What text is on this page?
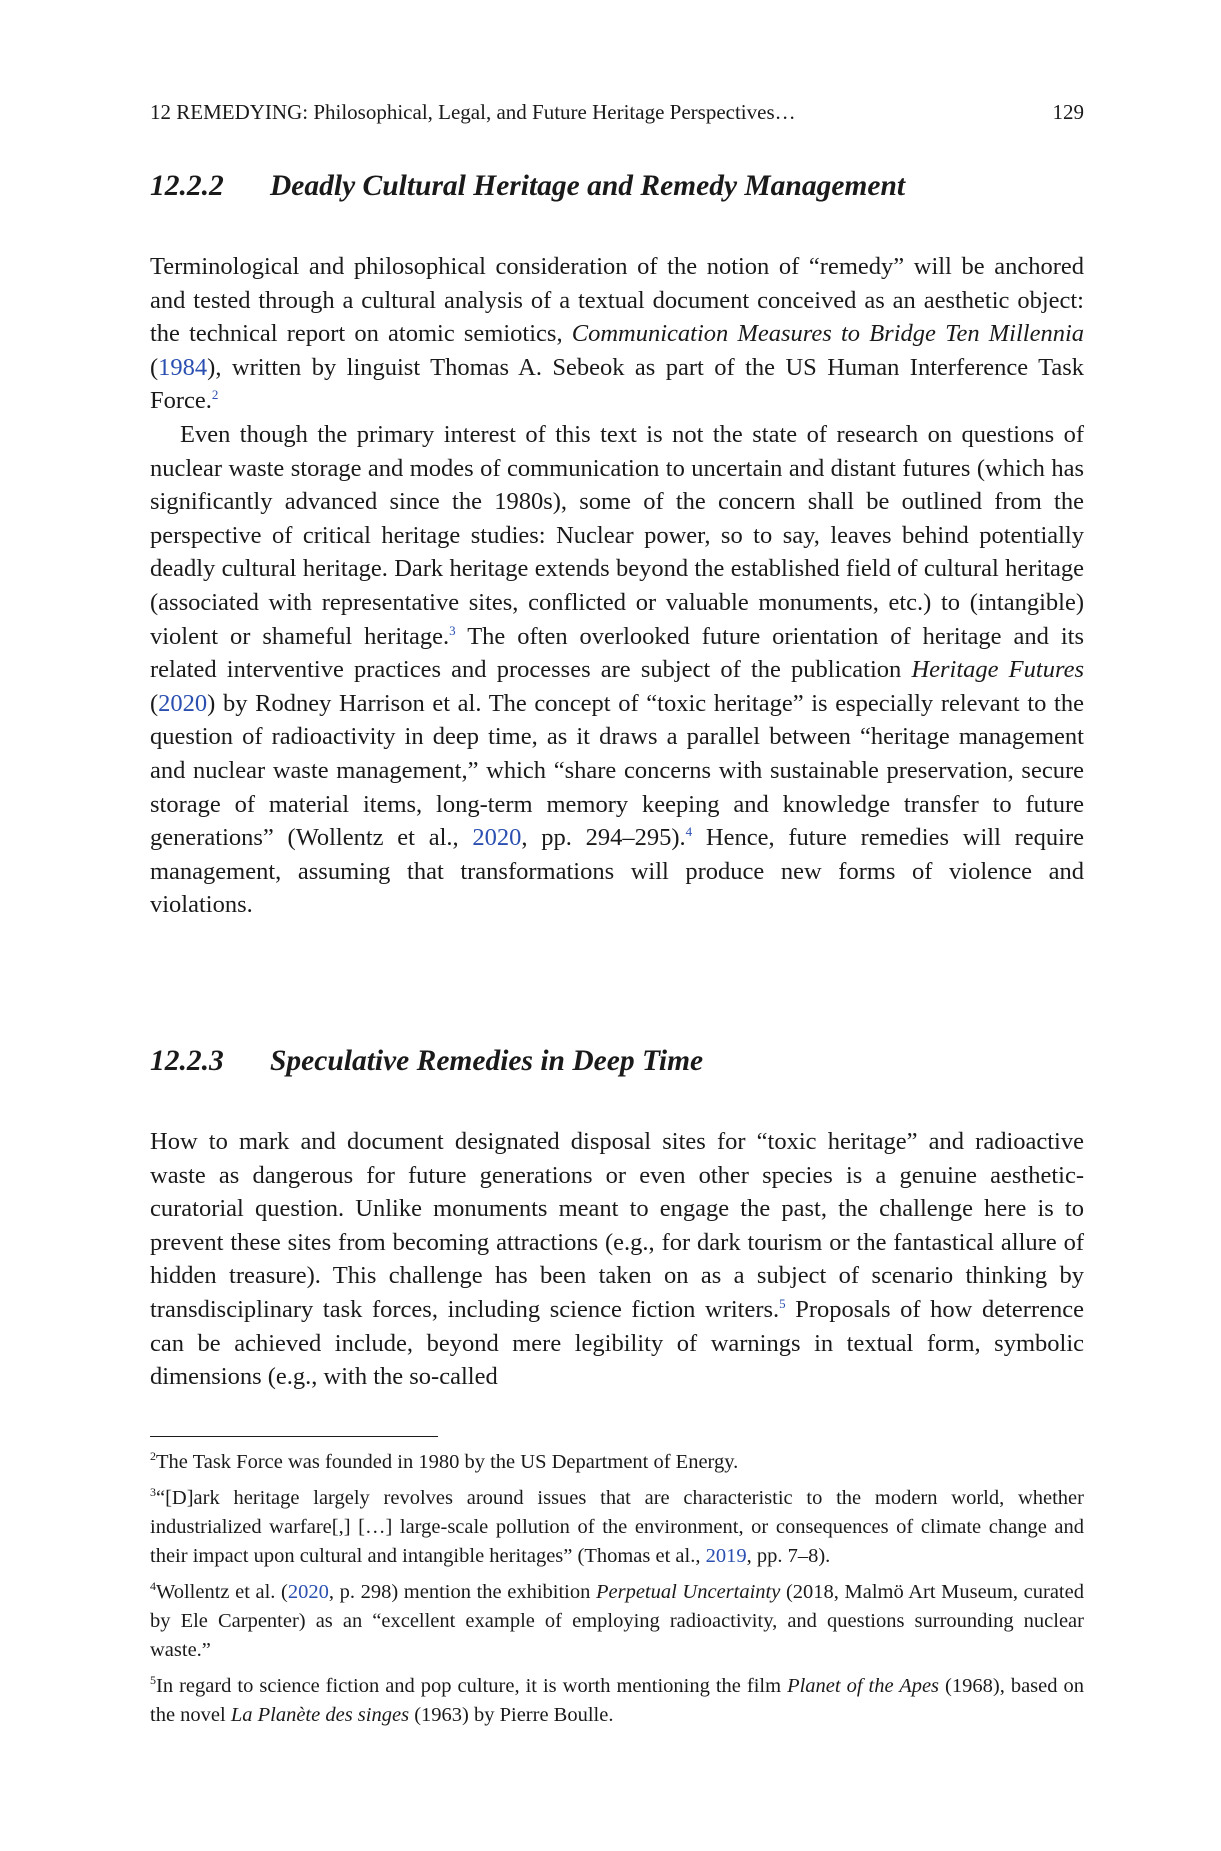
12 REMEDYING: Philosophical, Legal, and Future Heritage Perspectives…	129
12.2.2 Deadly Cultural Heritage and Remedy Management

Terminological and philosophical consideration of the notion of “remedy” will be anchored and tested through a cultural analysis of a textual document conceived as an aesthetic object: the technical report on atomic semiotics, Communication Measures to Bridge Ten Millennia (1984), written by linguist Thomas A. Sebeok as part of the US Human Interference Task Force.$^2$

Even though the primary interest of this text is not the state of research on questions of nuclear waste storage and modes of communication to uncertain and distant futures (which has significantly advanced since the 1980s), some of the concern shall be outlined from the perspective of critical heritage studies: Nuclear power, so to say, leaves behind potentially deadly cultural heritage. Dark heritage extends beyond the established field of cultural heritage (associated with representative sites, conflicted or valuable monuments, etc.) to (intangible) violent or shameful heritage.$^3$ The often overlooked future orientation of heritage and its related interventive practices and processes are subject of the publication Heritage Futures (2020) by Rodney Harrison et al. The concept of “toxic heritage” is especially relevant to the question of radioactivity in deep time, as it draws a parallel between “heritage management and nuclear waste management,” which “share concerns with sustainable preservation, secure storage of material items, long-term memory keeping and knowledge transfer to future generations” (Wollentz et al., 2020, pp. 294–295).$^4$ Hence, future remedies will require management, assuming that transformations will produce new forms of violence and violations.

12.2.3 Speculative Remedies in Deep Time

How to mark and document designated disposal sites for “toxic heritage” and radioactive waste as dangerous for future generations or even other species is a genuine aesthetic-curatorial question. Unlike monuments meant to engage the past, the challenge here is to prevent these sites from becoming attractions (e.g., for dark tourism or the fantastical allure of hidden treasure). This challenge has been taken on as a subject of scenario thinking by transdisciplinary task forces, including science fiction writers.$^5$ Proposals of how deterrence can be achieved include, beyond mere legibility of warnings in textual form, symbolic dimensions (e.g., with the so-called

$^2$The Task Force was founded in 1980 by the US Department of Energy.

$^3$“[D]ark heritage largely revolves around issues that are characteristic to the modern world, whether industrialized warfare[,] […] large-scale pollution of the environment, or consequences of climate change and their impact upon cultural and intangible heritages” (Thomas et al., 2019, pp. 7–8).

$^4$Wollentz et al. (2020, p. 298) mention the exhibition Perpetual Uncertainty (2018, Malmö Art Museum, curated by Ele Carpenter) as an “excellent example of employing radioactivity, and questions surrounding nuclear waste.”

$^5$In regard to science fiction and pop culture, it is worth mentioning the film Planet of the Apes (1968), based on the novel La Planète des singes (1963) by Pierre Boulle.
